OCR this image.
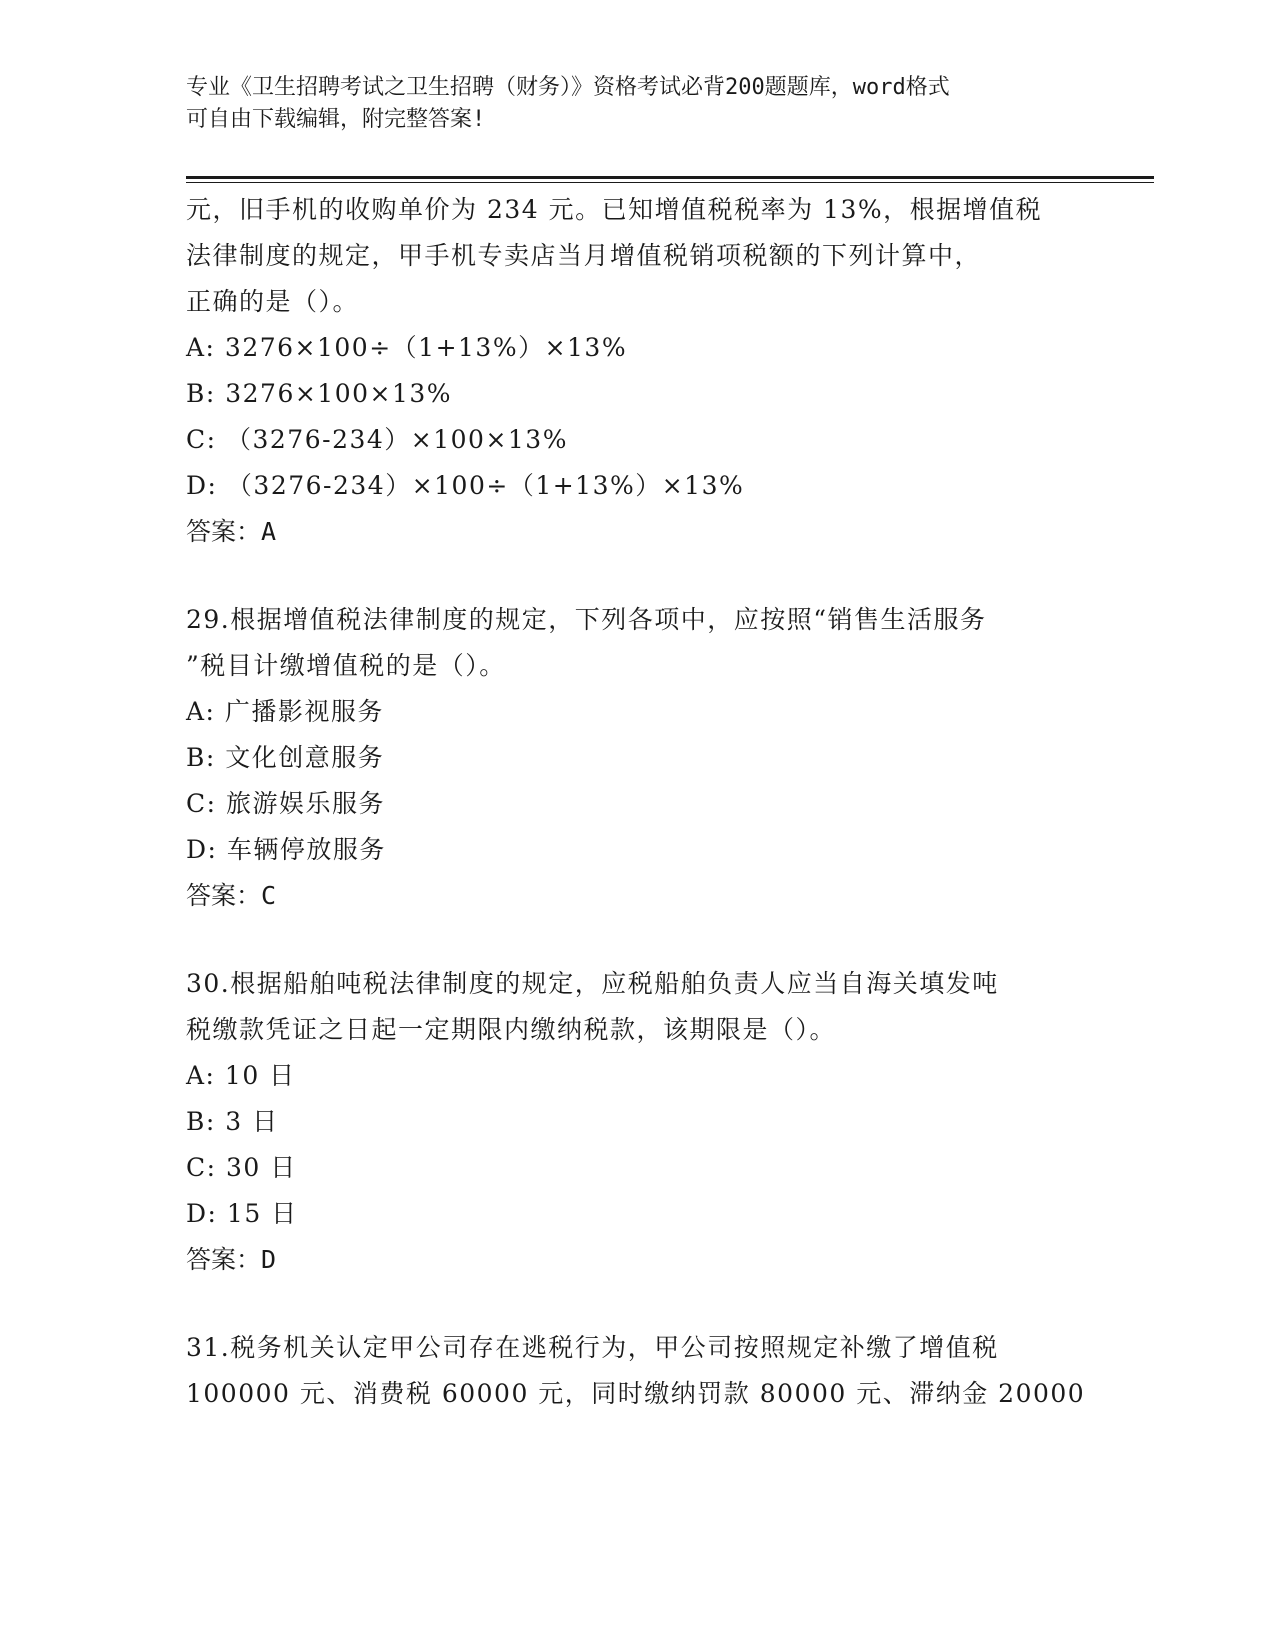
专业《卫生招聘考试之卫生招聘（财务）》资格考试必背200题题库，word格式
可自由下载编辑，附完整答案!
元，旧手机的收购单价为 234 元。已知增值税税率为 13%，根据增值税
法律制度的规定，甲手机专卖店当月增值税销项税额的下列计算中，
正确的是（）。
A: 3276×100÷（1+13%）×13%
B: 3276×100×13%
C: （3276-234）×100×13%
D: （3276-234）×100÷（1+13%）×13%
答案：A
29.根据增值税法律制度的规定，下列各项中，应按照“销售生活服务
”税目计缴增值税的是（）。
A: 广播影视服务
B: 文化创意服务
C: 旅游娱乐服务
D: 车辆停放服务
答案：C
30.根据船舶吨税法律制度的规定，应税船舶负责人应当自海关填发吨
税缴款凭证之日起一定期限内缴纳税款，该期限是（）。
A: 10 日
B: 3 日
C: 30 日
D: 15 日
答案：D
31.税务机关认定甲公司存在逃税行为，甲公司按照规定补缴了增值税
100000 元、消费税 60000 元，同时缴纳罚款 80000 元、滞纳金 20000
